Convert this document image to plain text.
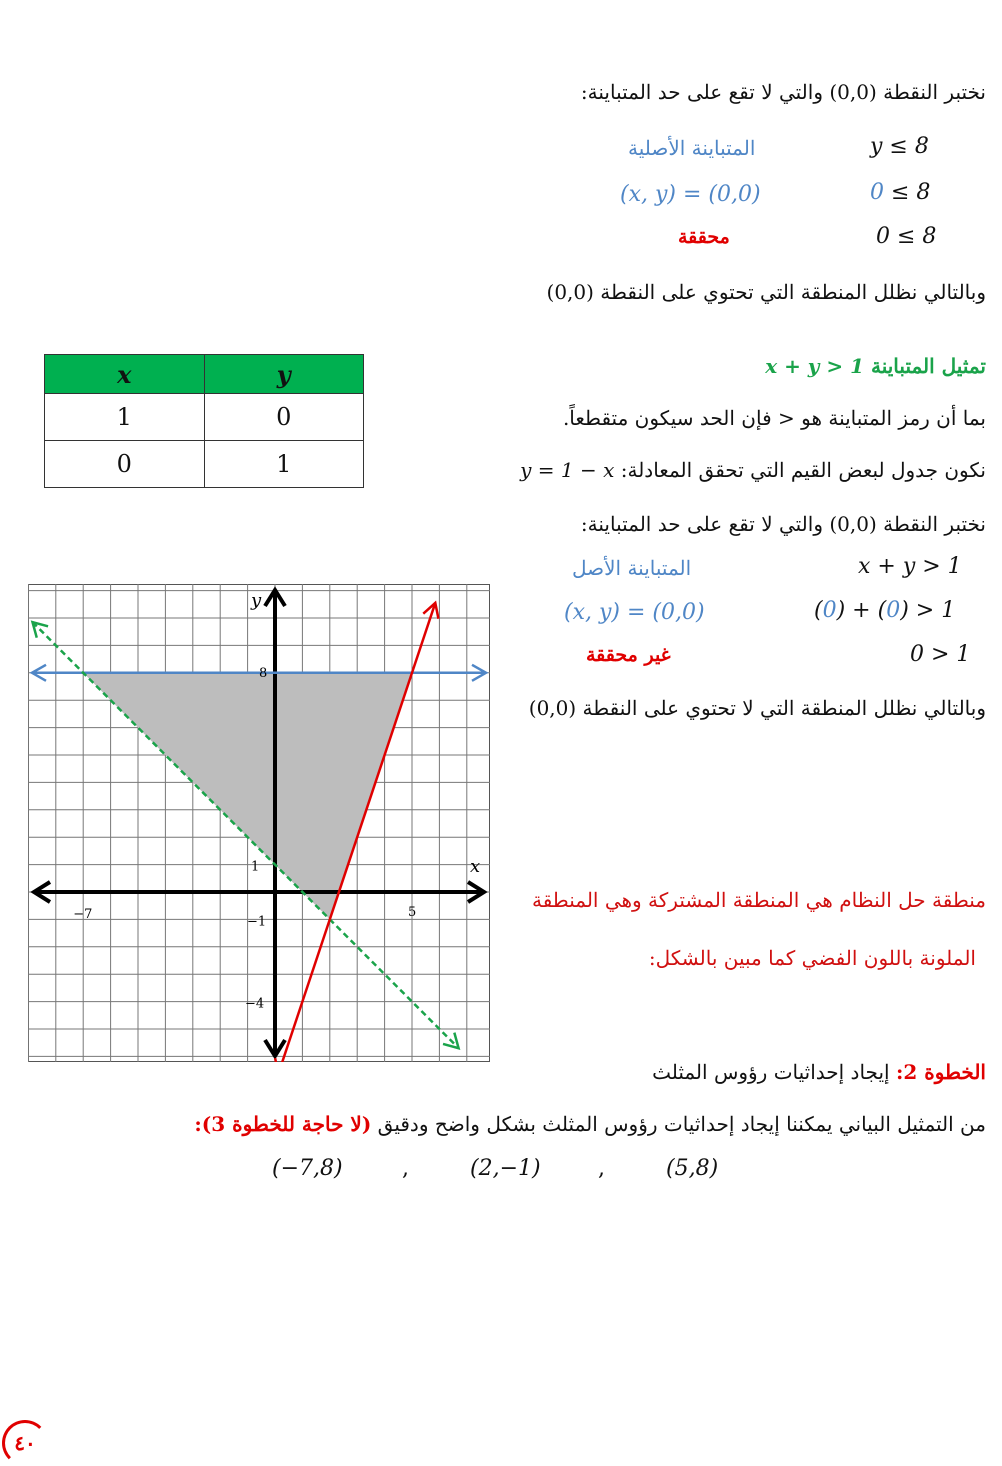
نختبر النقطة (0,0) والتي لا تقع على حد المتباينة:
المتباينة الأصلية	y ≤ 8
(x, y) = (0,0)	0 ≤ 8
محققة	0 ≤ 8
وبالتالي نظلل المنطقة التي تحتوي على النقطة (0,0)
تمثيل المتباينة x + y > 1
بما أن رمز المتباينة هو < فإن الحد سيكون متقطعاً.
نكون جدول لبعض القيم التي تحقق المعادلة: y = 1 − x
نختبر النقطة (0,0) والتي لا تقع على حد المتباينة:
المتباينة الأصل	x + y > 1
(x, y) = (0,0)	(0) + (0) > 1
غير محققة	0 > 1
وبالتالي نظلل المنطقة التي لا تحتوي على النقطة (0,0)
x	y
1	0
0	1
x
y
8
1
−1
−4
−7	5
منطقة حل النظام هي المنطقة المشتركة وهي المنطقة
الملونة باللون الفضي كما مبين بالشكل:
الخطوة 2: إيجاد إحداثيات رؤوس المثلث
من التمثيل البياني يمكننا إيجاد إحداثيات رؤوس المثلث بشكل واضح ودقيق (لا حاجة للخطوة 3):
(−7,8)	,	(2,−1)	,	(5,8)
٤٠
